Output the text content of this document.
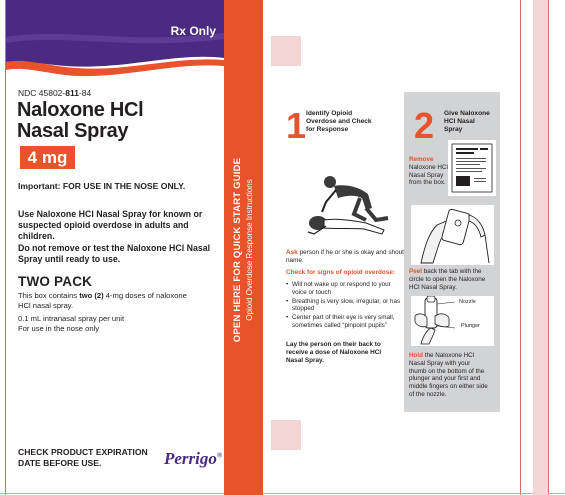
Rx Only
NDC 45802-811-84
Naloxone HCl
Nasal Spray
4 mg
Important: FOR USE IN THE NOSE ONLY.
Use Naloxone HCl Nasal Spray for known or suspected opioid overdose in adults and children.
Do not remove or test the Naloxone HCl Nasal Spray until ready to use.
TWO PACK
This box contains two (2) 4-mg doses of naloxone HCl nasal spray.
0.1 mL intranasal spray per unit
For use in the nose only
CHECK PRODUCT EXPIRATION DATE BEFORE USE.	Perrigo®
OPEN HERE FOR QUICK START GUIDE Opioid Overdose Response Instructions
1 Identify Opioid Overdose and Check for Response
Ask person if he or she is okay and shout name.
Check for signs of opioid overdose:
• Will not wake up or respond to your voice or touch
• Breathing is very slow, irregular, or has stopped
• Center part of their eye is very small, sometimes called “pinpoint pupils”
Lay the person on their back to receive a dose of Naloxone HCl Nasal Spray.
2 Give Naloxone HCl Nasal Spray
Remove Naloxone HCl Nasal Spray from the box.
Peel back the tab with the circle to open the Naloxone HCl Nasal Spray.
Nozzle
Plunger
Hold the Naloxone HCl Nasal Spray with your thumb on the bottom of the plunger and your first and middle fingers on either side of the nozzle.
